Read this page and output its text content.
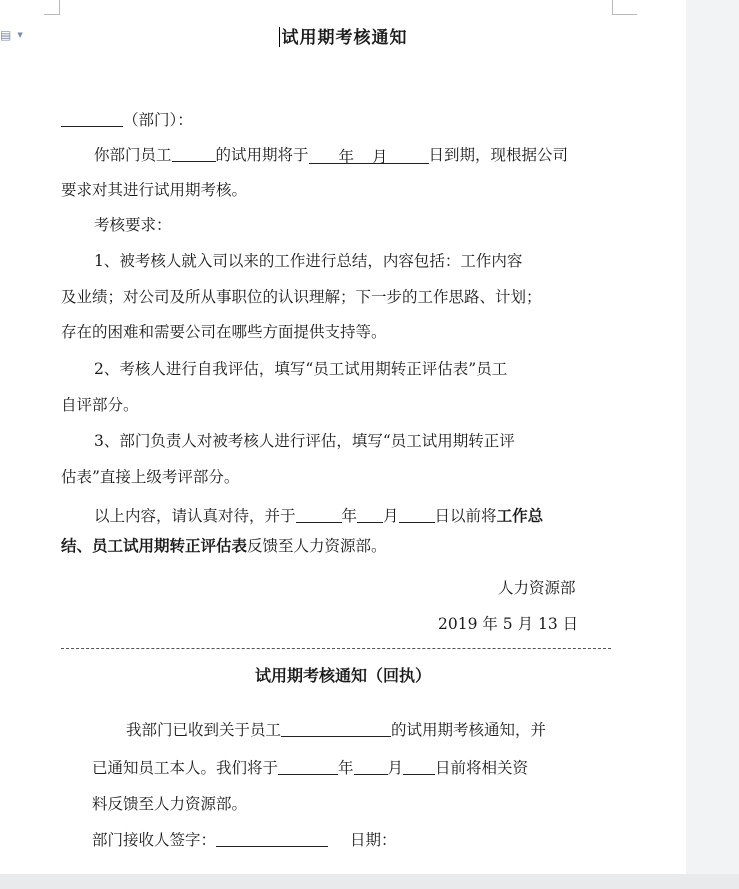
▤ ▼	试用期考核通知
（部门）：
你部门员工	的试用期将于 年 月	日到期，现根据公司
要求对其进行试用期考核。
考核要求：
1、被考核人就入司以来的工作进行总结，内容包括：工作内容
及业绩；对公司及所从事职位的认识理解；下一步的工作思路、计划；
存在的困难和需要公司在哪些方面提供支持等。
2、考核人进行自我评估，填写“员工试用期转正评估表”员工
自评部分。
3、部门负责人对被考核人进行评估，填写“员工试用期转正评
估表”直接上级考评部分。
以上内容，请认真对待，并于	年 月 日以前将工作总
结、员工试用期转正评估表反馈至人力资源部。
人力资源部
2019 年 5 月 13 日
试用期考核通知（回执）
我部门已收到关于员工	的试用期考核通知，并
已通知员工本人。我们将于	年 月 日前将相关资
料反馈至人力资源部。
部门接收人签字：	日期：
